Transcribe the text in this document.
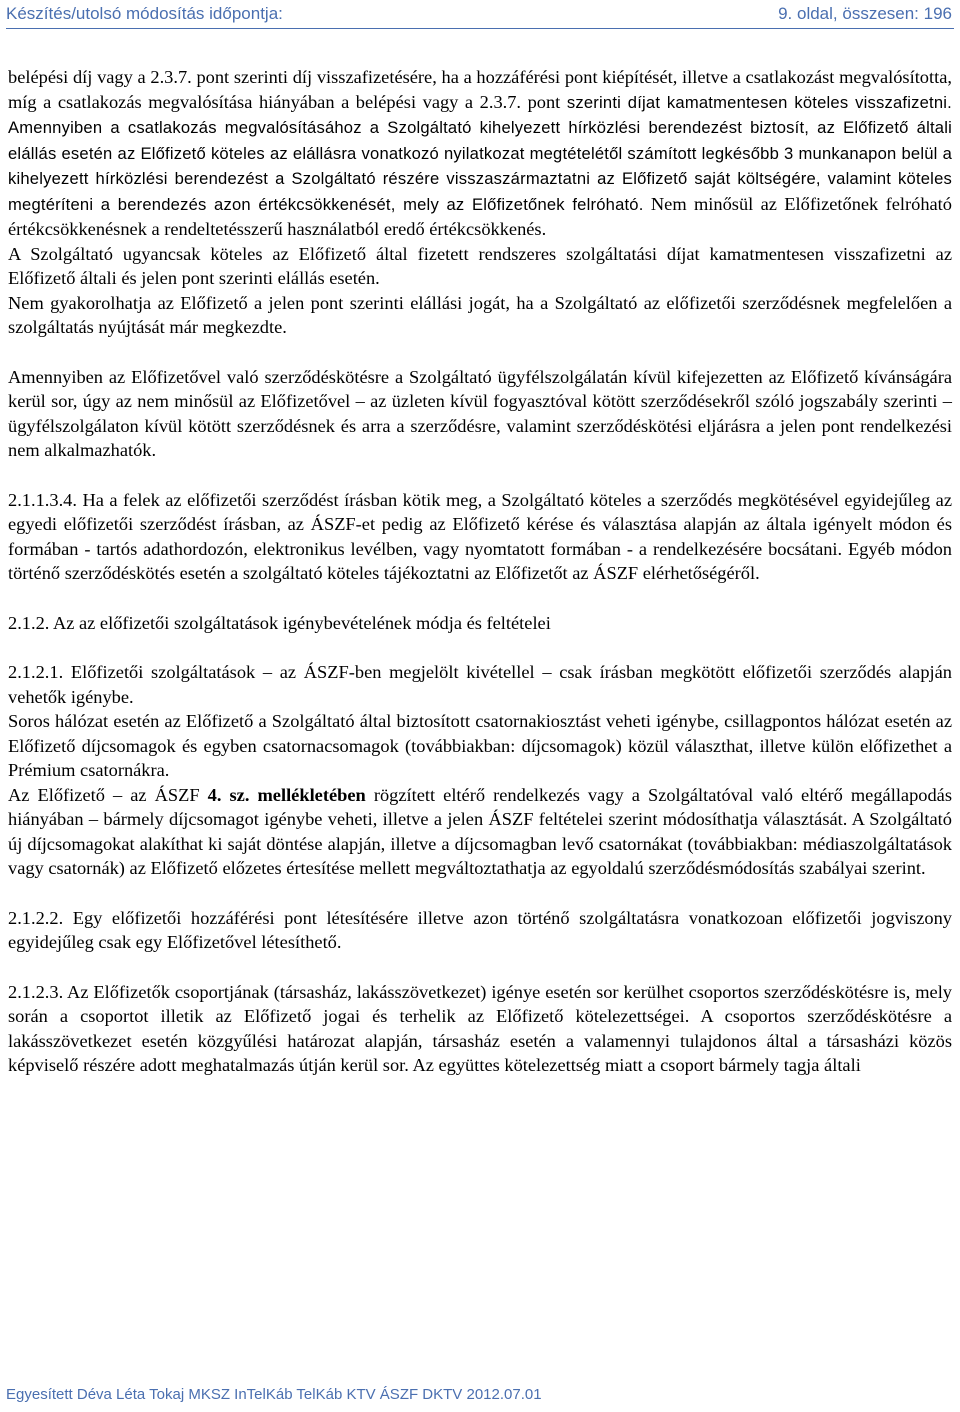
Készítés/utolsó módosítás időpontja:	9. oldal, összesen: 196

belépési díj vagy a 2.3.7. pont szerinti díj visszafizetésére, ha a hozzáférési pont kiépítését, illetve a csatlakozást megvalósította, míg a csatlakozás megvalósítása hiányában a belépési vagy a 2.3.7. pont szerinti díjat kamatmentesen köteles visszafizetni. Amennyiben a csatlakozás megvalósításához a Szolgáltató kihelyezett hírközlési berendezést biztosít, az Előfizető általi elállás esetén az Előfizető köteles az elállásra vonatkozó nyilatkozat megtételétől számított legkésőbb 3 munkanapon belül a kihelyezett hírközlési berendezést a Szolgáltató részére visszaszármaztatni az Előfizető saját költségére, valamint köteles megtéríteni a berendezés azon értékcsökkenését, mely az Előfizetőnek felróható. Nem minősül az Előfizetőnek felróható értékcsökkenésnek a rendeltetésszerű használatból eredő értékcsökkenés.

A Szolgáltató ugyancsak köteles az Előfizető által fizetett rendszeres szolgáltatási díjat kamatmentesen visszafizetni az Előfizető általi és jelen pont szerinti elállás esetén.

Nem gyakorolhatja az Előfizető a jelen pont szerinti elállási jogát, ha a Szolgáltató az előfizetői szerződésnek megfelelően a szolgáltatás nyújtását már megkezdte.

Amennyiben az Előfizetővel való szerződéskötésre a Szolgáltató ügyfélszolgálatán kívül kifejezetten az Előfizető kívánságára kerül sor, úgy az nem minősül az Előfizetővel – az üzleten kívül fogyasztóval kötött szerződésekről szóló jogszabály szerinti – ügyfélszolgálaton kívül kötött szerződésnek és arra a szerződésre, valamint szerződéskötési eljárásra a jelen pont rendelkezési nem alkalmazhatók.

2.1.1.3.4. Ha a felek az előfizetői szerződést írásban kötik meg, a Szolgáltató köteles a szerződés megkötésével egyidejűleg az egyedi előfizetői szerződést írásban, az ÁSZF-et pedig az Előfizető kérése és választása alapján az általa igényelt módon és formában - tartós adathordozón, elektronikus levélben, vagy nyomtatott formában - a rendelkezésére bocsátani. Egyéb módon történő szerződéskötés esetén a szolgáltató köteles tájékoztatni az Előfizetőt az ÁSZF elérhetőségéről.

2.1.2. Az az előfizetői szolgáltatások igénybevételének módja és feltételei

2.1.2.1. Előfizetői szolgáltatások – az ÁSZF-ben megjelölt kivétellel – csak írásban megkötött előfizetői szerződés alapján vehetők igénybe.

Soros hálózat esetén az Előfizető a Szolgáltató által biztosított csatornakiosztást veheti igénybe, csillagpontos hálózat esetén az Előfizető díjcsomagok és egyben csatornacsomagok (továbbiakban: díjcsomagok) közül választhat, illetve külön előfizethet a Prémium csatornákra.

Az Előfizető – az ÁSZF 4. sz. mellékletében rögzített eltérő rendelkezés vagy a Szolgáltatóval való eltérő megállapodás hiányában – bármely díjcsomagot igénybe veheti, illetve a jelen ÁSZF feltételei szerint módosíthatja választását. A Szolgáltató új díjcsomagokat alakíthat ki saját döntése alapján, illetve a díjcsomagban levő csatornákat (továbbiakban: médiaszolgáltatások vagy csatornák) az Előfizető előzetes értesítése mellett megváltoztathatja az egyoldalú szerződésmódosítás szabályai szerint.

2.1.2.2. Egy előfizetői hozzáférési pont létesítésére illetve azon történő szolgáltatásra vonatkozoan előfizetői jogviszony egyidejűleg csak egy Előfizetővel létesíthető.

2.1.2.3. Az Előfizetők csoportjának (társasház, lakásszövetkezet) igénye esetén sor kerülhet csoportos szerződéskötésre is, mely során a csoportot illetik az Előfizető jogai és terhelik az Előfizető kötelezettségei. A csoportos szerződéskötésre a lakásszövetkezet esetén közgyűlési határozat alapján, társasház esetén a valamennyi tulajdonos által a társasházi közös képviselő részére adott meghatalmazás útján kerül sor. Az együttes kötelezettség miatt a csoport bármely tagja általi

Egyesített Déva Léta Tokaj MKSZ InTelKáb TelKáb KTV ÁSZF DKTV 2012.07.01
